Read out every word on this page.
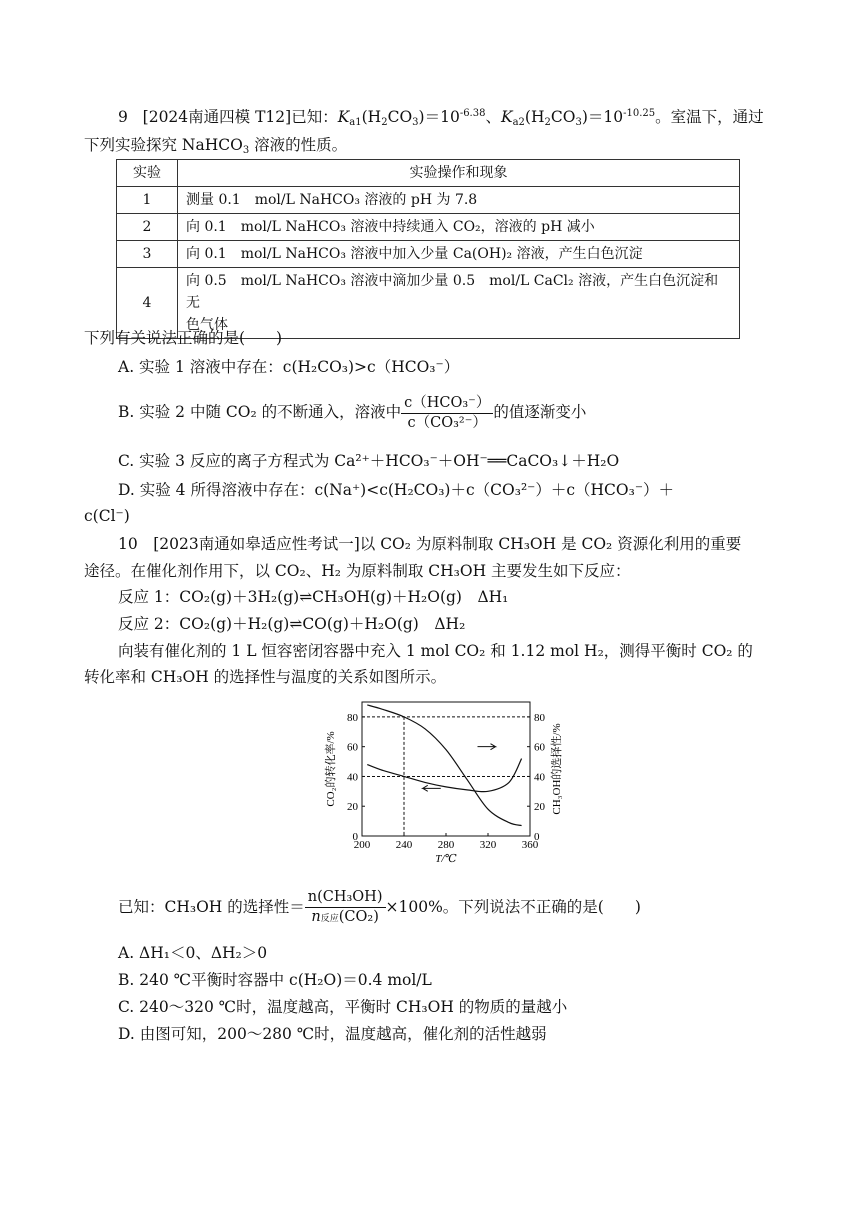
9 [2024南通四模 T12]已知：$K_{a1}(H_2CO_3)=10^{-6.38}$、$K_{a2}(H_2CO_3)=10^{-10.25}$。室温下，通过
下列实验探究 NaHCO$_3$ 溶液的性质。
实验	实验操作和现象
1	测量 0.1　mol/L NaHCO₃ 溶液的 pH 为 7.8
2	向 0.1　mol/L NaHCO₃ 溶液中持续通入 CO₂，溶液的 pH 减小
3	向 0.1　mol/L NaHCO₃ 溶液中加入少量 Ca(OH)₂ 溶液，产生白色沉淀
4	向 0.5　mol/L NaHCO₃ 溶液中滴加少量 0.5　mol/L CaCl₂ 溶液，产生白色沉淀和无
色气体
下列有关说法正确的是(　　)
A. 实验 1 溶液中存在：c(H₂CO₃)>c（HCO₃⁻）
B. 实验 2 中随 CO₂ 的不断通入，溶液中 $\frac{\text{c（HCO₃⁻）}}{\text{c（CO₃²⁻）}}$ 的值逐渐变小
C. 实验 3 反应的离子方程式为 Ca²⁺＋HCO₃⁻＋OH⁻══CaCO₃↓＋H₂O
D. 实验 4 所得溶液中存在：c(Na⁺)<c(H₂CO₃)＋c（CO₃²⁻）＋c（HCO₃⁻）＋
c(Cl⁻)
10　[2023南通如皋适应性考试一]以 CO₂ 为原料制取 CH₃OH 是 CO₂ 资源化利用的重要
途径。在催化剂作用下，以 CO₂、H₂ 为原料制取 CH₃OH 主要发生如下反应：
反应 1：CO₂(g)＋3H₂(g)⇌CH₃OH(g)＋H₂O(g)　ΔH₁
反应 2：CO₂(g)＋H₂(g)⇌CO(g)＋H₂O(g)　ΔH₂
向装有催化剂的 1 L 恒容密闭容器中充入 1 mol CO₂ 和 1.12 mol H₂，测得平衡时 CO₂ 的
转化率和 CH₃OH 的选择性与温度的关系如图所示。
200 240 280 320 360
0	0
20	20
40	40
60	60
80	80
T/℃
CO₂的转化率/%	CH₃OH的选择性/%
已知：CH₃OH 的选择性＝ $\frac{\text{n(CH₃OH)}}{\text{n反应(CO₂)}} \times 100\%$。下列说法不正确的是(　　)
A. ΔH₁＜0、ΔH₂＞0
B. 240 ℃平衡时容器中 c(H₂O)＝0.4 mol/L
C. 240～320 ℃时，温度越高，平衡时 CH₃OH 的物质的量越小
D. 由图可知，200～280 ℃时，温度越高，催化剂的活性越弱
